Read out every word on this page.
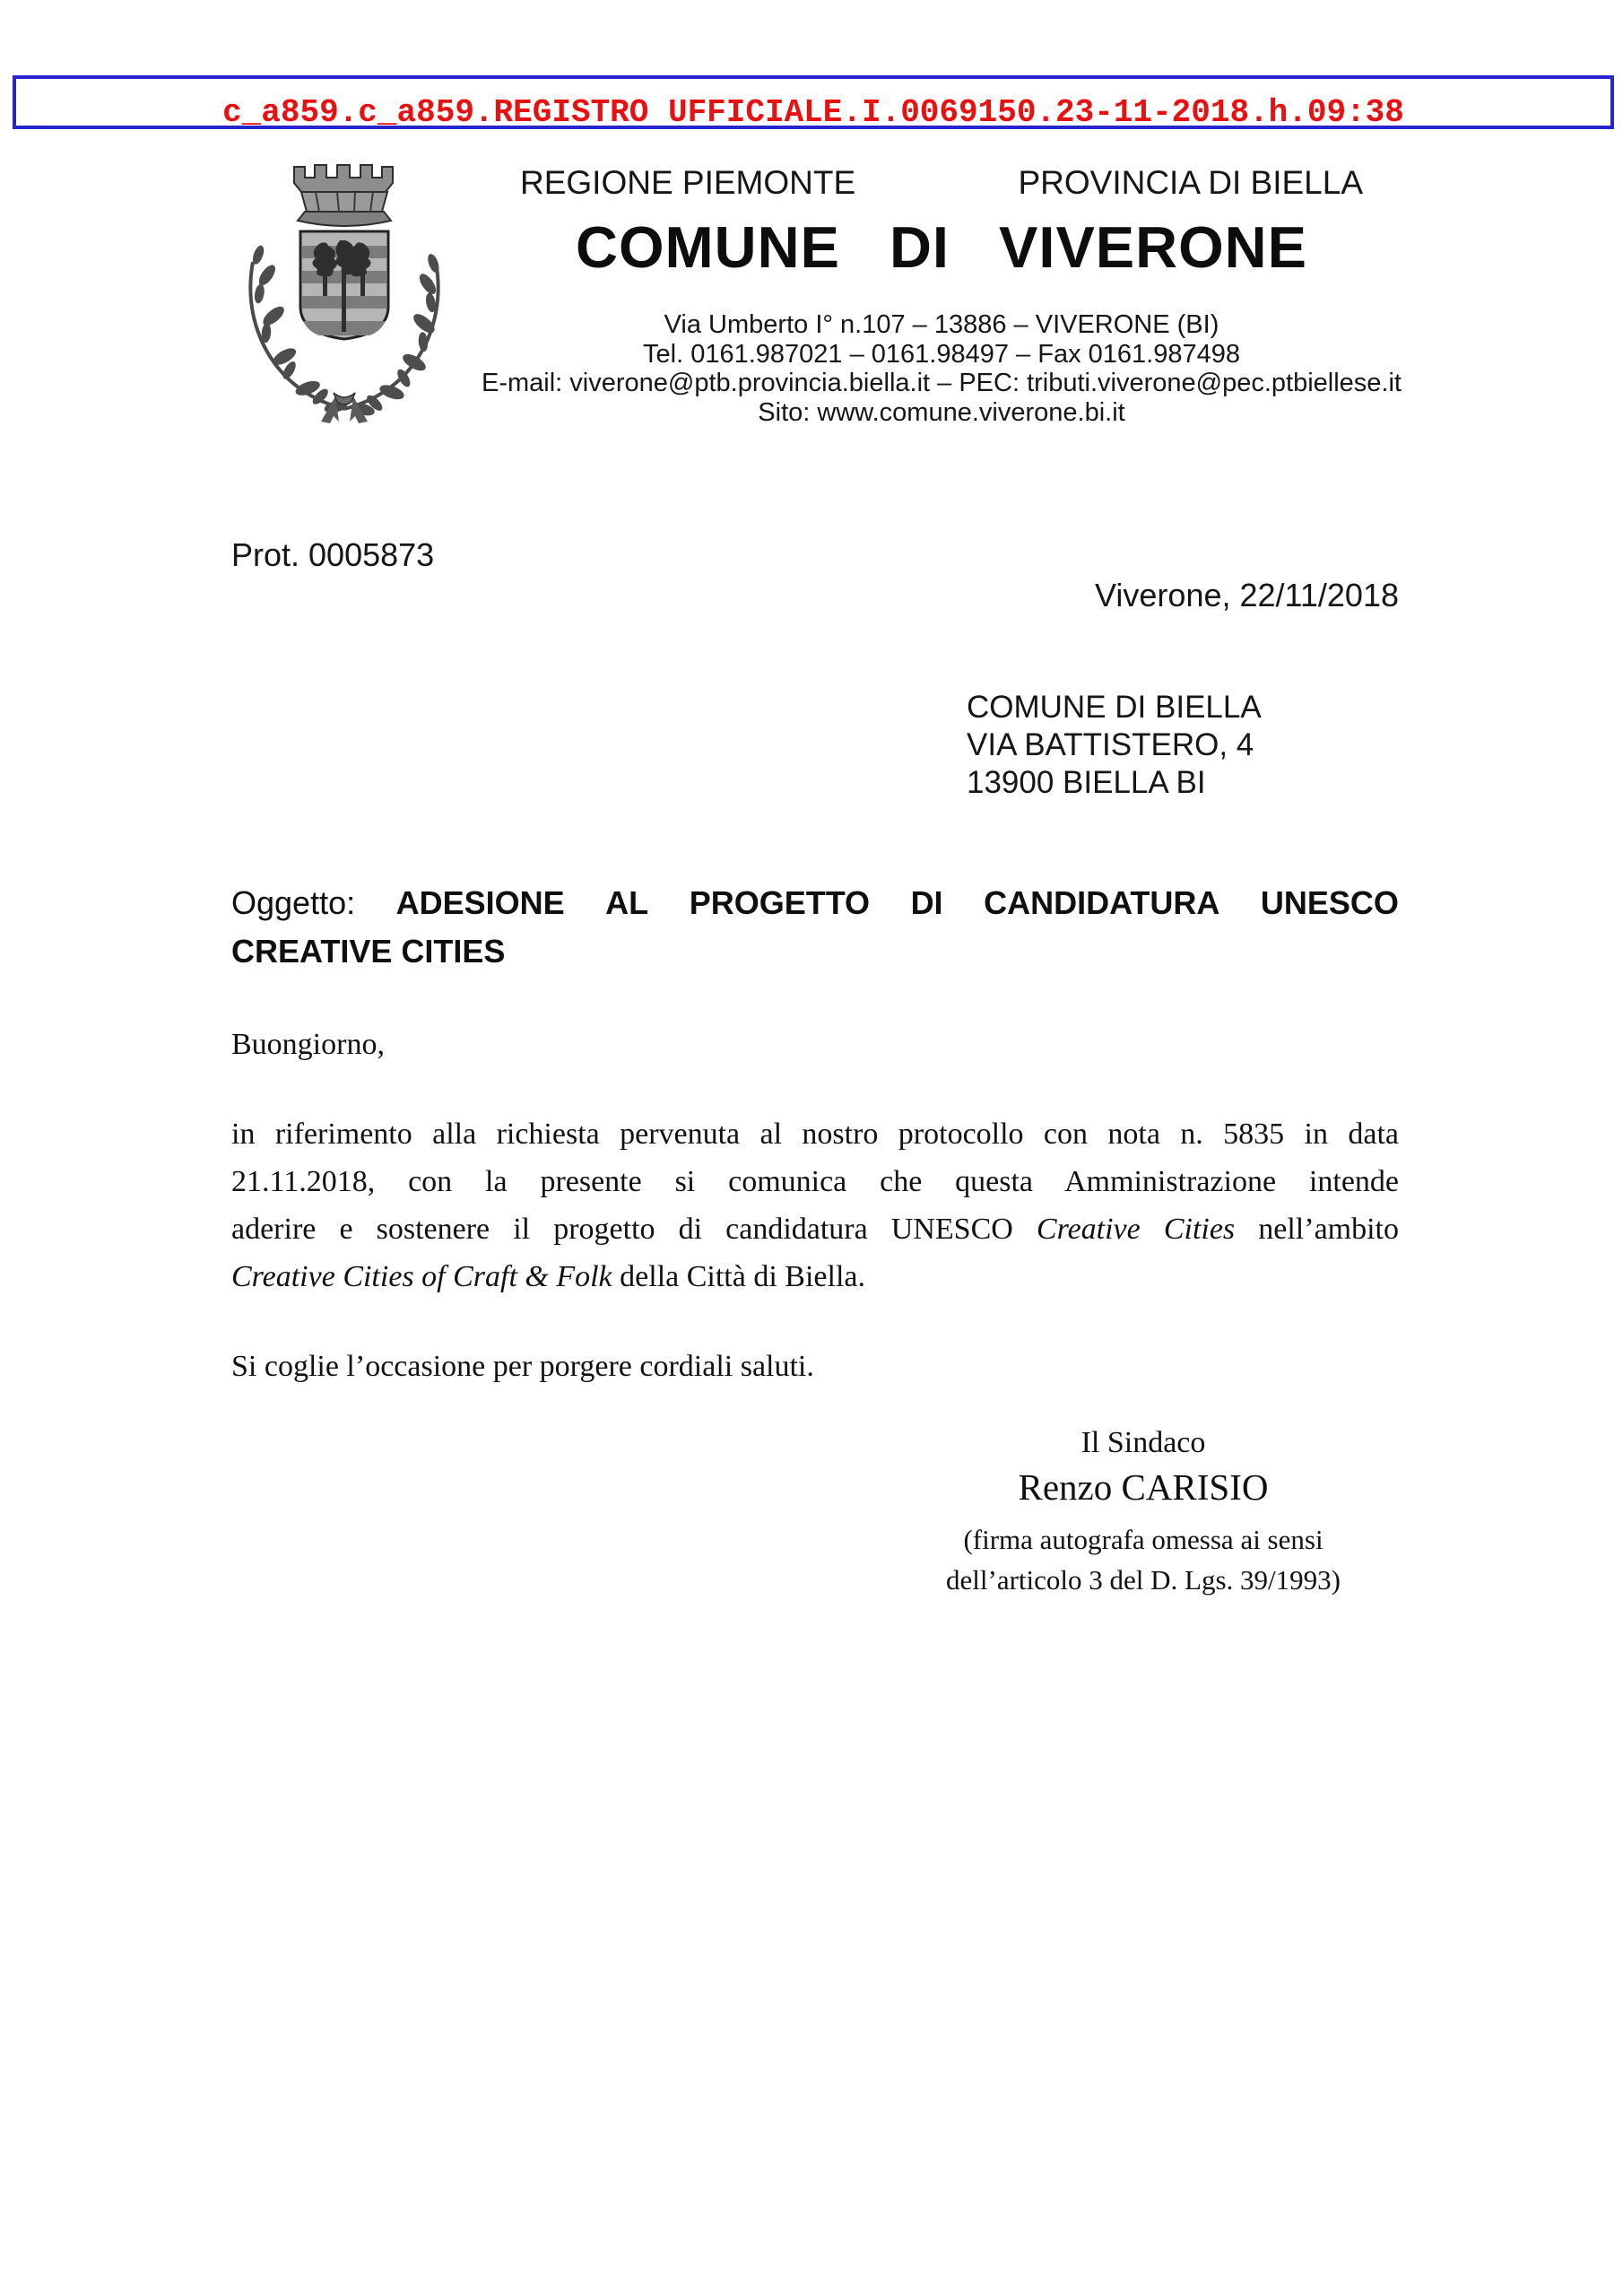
c_a859.c_a859.REGISTRO UFFICIALE.I.0069150.23-11-2018.h.09:38
REGIONE PIEMONTE	PROVINCIA DI BIELLA
COMUNE DI VIVERONE
Via Umberto I° n.107 – 13886 – VIVERONE (BI)
Tel. 0161.987021 – 0161.98497 – Fax 0161.987498
E-mail: viverone@ptb.provincia.biella.it – PEC: tributi.viverone@pec.ptbiellese.it
Sito: www.comune.viverone.bi.it
Prot. 0005873
Viverone, 22/11/2018
COMUNE DI BIELLA
VIA BATTISTERO, 4
13900 BIELLA BI
Oggetto: ADESIONE AL PROGETTO DI CANDIDATURA UNESCO
CREATIVE CITIES
Buongiorno,
in riferimento alla richiesta pervenuta al nostro protocollo con nota n. 5835 in data
21.11.2018, con la presente si comunica che questa Amministrazione intende
aderire e sostenere il progetto di candidatura UNESCO Creative Cities nell’ambito
Creative Cities of Craft & Folk della Città di Biella.
Si coglie l’occasione per porgere cordiali saluti.
Il Sindaco
Renzo CARISIO
(firma autografa omessa ai sensi
dell’articolo 3 del D. Lgs. 39/1993)
